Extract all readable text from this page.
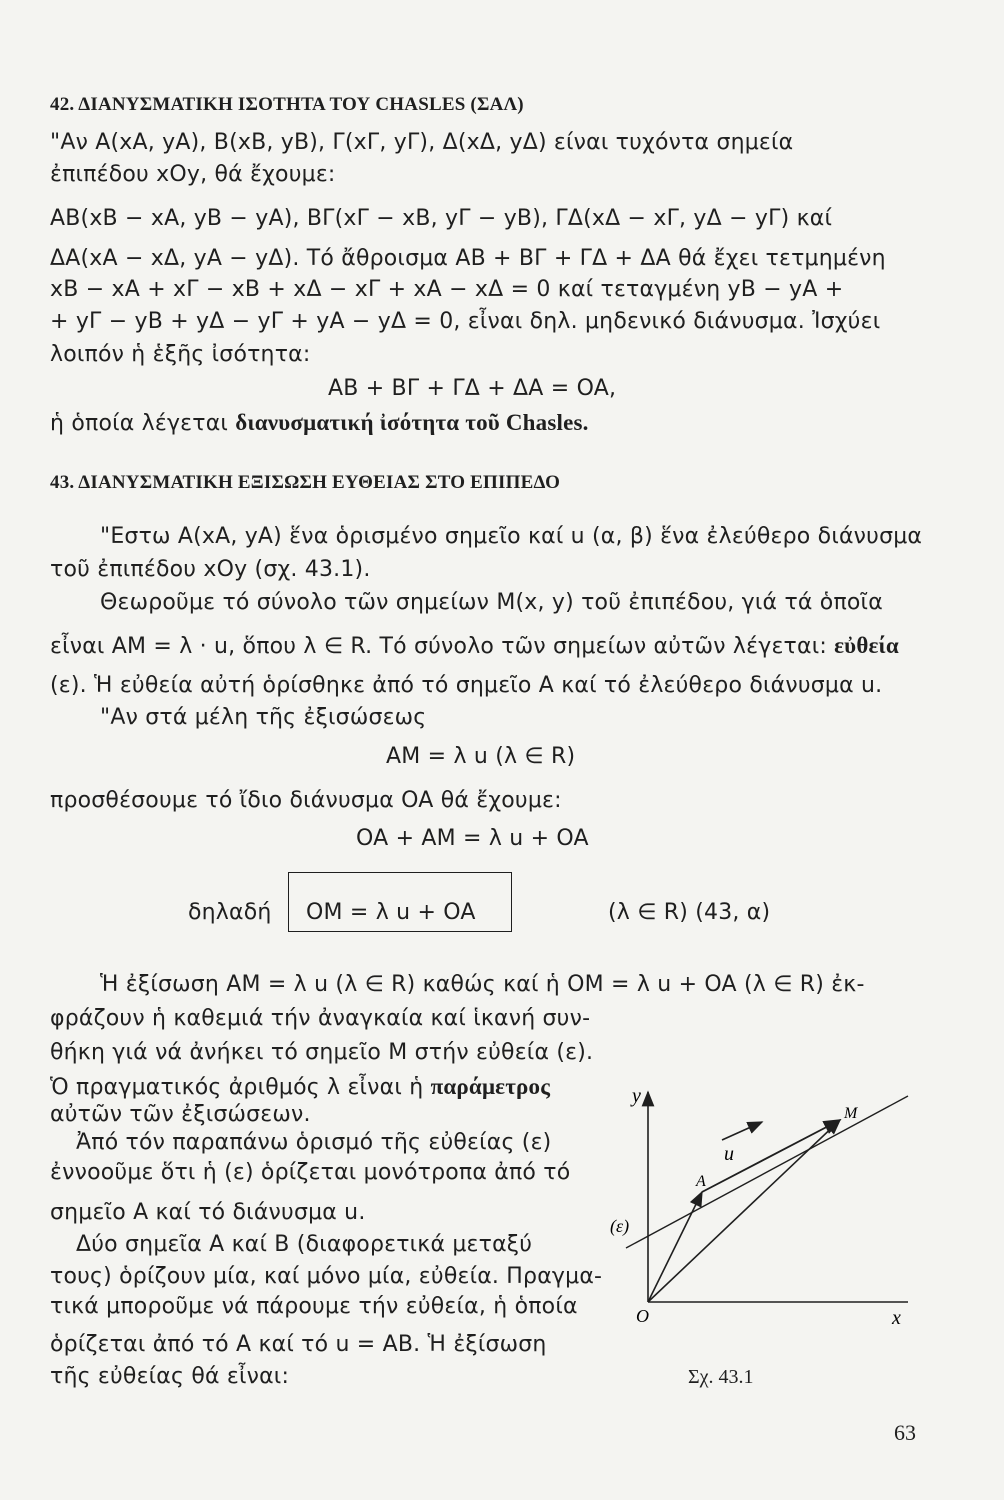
42. ΔΙΑΝΥΣΜΑΤΙΚΗ ΙΣΟΤΗΤΑ ΤΟΥ CHASLES (ΣΑΛ)
"Αν A(xA, yA), B(xB, yB), Γ(xΓ, yΓ), Δ(xΔ, yΔ) είναι τυχόντα σημεία
ἐπιπέδου xOy, θά ἔχουμε:
AB(xB − xA, yB − yA), BΓ(xΓ − xB, yΓ − yB), ΓΔ(xΔ − xΓ, yΔ − yΓ) καί
ΔA(xA − xΔ, yA − yΔ). Τό ἄθροισμα AB + BΓ + ΓΔ + ΔA θά ἔχει τετμημένη
xB − xA + xΓ − xB + xΔ − xΓ + xA − xΔ = 0 καί τεταγμένη yB − yA +
+ yΓ − yB + yΔ − yΓ + yA − yΔ = 0, εἶναι δηλ. μηδενικό διάνυσμα. Ἰσχύει
λοιπόν ἡ ἑξῆς ἰσότητα:
AB + BΓ + ΓΔ + ΔA = OA,
ἡ ὁποία λέγεται διανυσματική ἰσότητα τοῦ Chasles.
43. ΔΙΑΝΥΣΜΑΤΙΚΗ ΕΞΙΣΩΣΗ ΕΥΘΕΙΑΣ ΣΤΟ ΕΠΙΠΕΔΟ
"Εστω A(xA, yA) ἕνα ὁρισμένο σημεῖο καί u (α, β) ἕνα ἐλεύθερο διάνυσμα
τοῦ ἐπιπέδου xOy (σχ. 43.1).
Θεωροῦμε τό σύνολο τῶν σημείων M(x, y) τοῦ ἐπιπέδου, γιά τά ὁποῖα
εἶναι AM = λ · u, ὅπου λ ∈ R. Τό σύνολο τῶν σημείων αὐτῶν λέγεται: εὐθεία
(ε). Ἡ εὐθεία αὐτή ὁρίσθηκε ἀπό τό σημεῖο A καί τό ἐλεύθερο διάνυσμα u.
"Αν στά μέλη τῆς ἐξισώσεως
AM = λ u (λ ∈ R)
προσθέσουμε τό ἴδιο διάνυσμα OA θά ἔχουμε:
OA + AM = λ u + OA
δηλαδή OM = λ u + OA	(λ ∈ R) (43, α)
Ἡ ἐξίσωση AM = λ u (λ ∈ R) καθώς καί ἡ OM = λ u + OA (λ ∈ R) ἐκ-
φράζουν ἡ καθεμιά τήν ἀναγκαία καί ἱκανή συν-
θήκη γιά νά ἀνήκει τό σημεῖο M στήν εὐθεία (ε).
Ὁ πραγματικός ἀριθμός λ εἶναι ἡ παράμετρος
αὐτῶν τῶν ἐξισώσεων.
Ἀπό τόν παραπάνω ὁρισμό τῆς εὐθείας (ε)
ἐννοοῦμε ὅτι ἡ (ε) ὁρίζεται μονότροπα ἀπό τό
σημεῖο A καί τό διάνυσμα u.
Δύο σημεῖα A καί B (διαφορετικά μεταξύ
τους) ὁρίζουν μία, καί μόνο μία, εὐθεία. Πραγμα-
τικά μποροῦμε νά πάρουμε τήν εὐθεία, ἡ ὁποία
ὁρίζεται ἀπό τό A καί τό u = AB. Ἡ ἐξίσωση
τῆς εὐθείας θά εἶναι:
y
x
O
A
M
u
(ε)
Σχ. 43.1
63
